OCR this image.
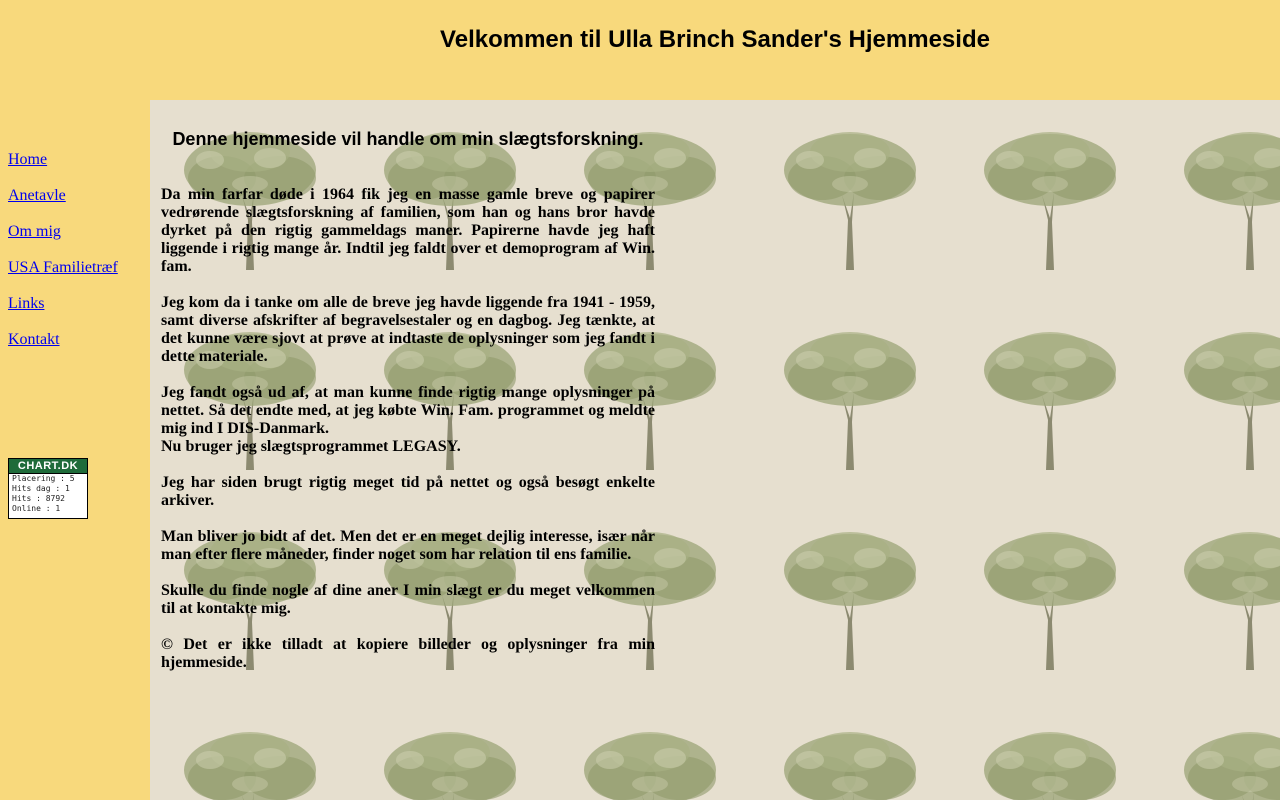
Velkommen til Ulla Brinch Sander's Hjemmeside
Home
Anetavle
Om mig
USA Familietræf
Links
Kontakt
CHART.DK
Placering : 5
Hits dag : 1
Hits : 8792
Online : 1
Denne hjemmeside vil handle om min slægtsforskning.

Da min farfar døde i 1964 fik jeg en masse gamle breve og papirer vedrørende slægtsforskning af familien, som han og hans bror havde dyrket på den rigtig gammeldags maner. Papirerne havde jeg haft liggende i rigtig mange år. Indtil jeg faldt over et demoprogram af Win. fam.

Jeg kom da i tanke om alle de breve jeg havde liggende fra 1941 - 1959, samt diverse afskrifter af begravelsestaler og en dagbog. Jeg tænkte, at det kunne være sjovt at prøve at indtaste de oplysninger som jeg fandt i dette materiale.

Jeg fandt også ud af, at man kunne finde rigtig mange oplysninger på nettet. Så det endte med, at jeg købte Win. Fam. programmet og meldte mig ind I DIS-Danmark.

Nu bruger jeg slægtsprogrammet LEGASY.

Jeg har siden brugt rigtig meget tid på nettet og også besøgt enkelte arkiver.

Man bliver jo bidt af det. Men det er en meget dejlig interesse, især når man efter flere måneder, finder noget som har relation til ens familie.

Skulle du finde nogle af dine aner I min slægt er du meget velkommen til at kontakte mig.

© Det er ikke tilladt at kopiere billeder og oplysninger fra min hjemmeside.
